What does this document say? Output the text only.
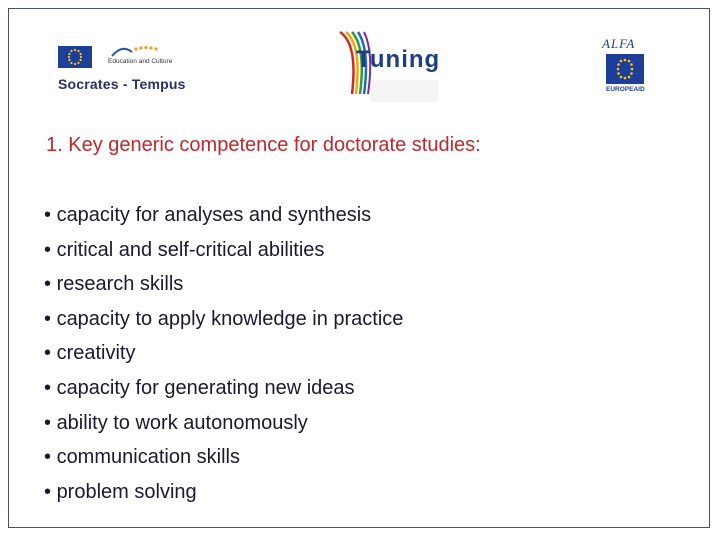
Education and Culture
Socrates - Tempus
Tuning
ALFA
EUROPEAID
1. Key generic competence for doctorate studies:
• capacity for analyses and synthesis
• critical and self-critical abilities
• research skills
• capacity to apply knowledge in practice
• creativity
• capacity for generating new ideas
• ability to work autonomously
• communication skills
• problem solving
